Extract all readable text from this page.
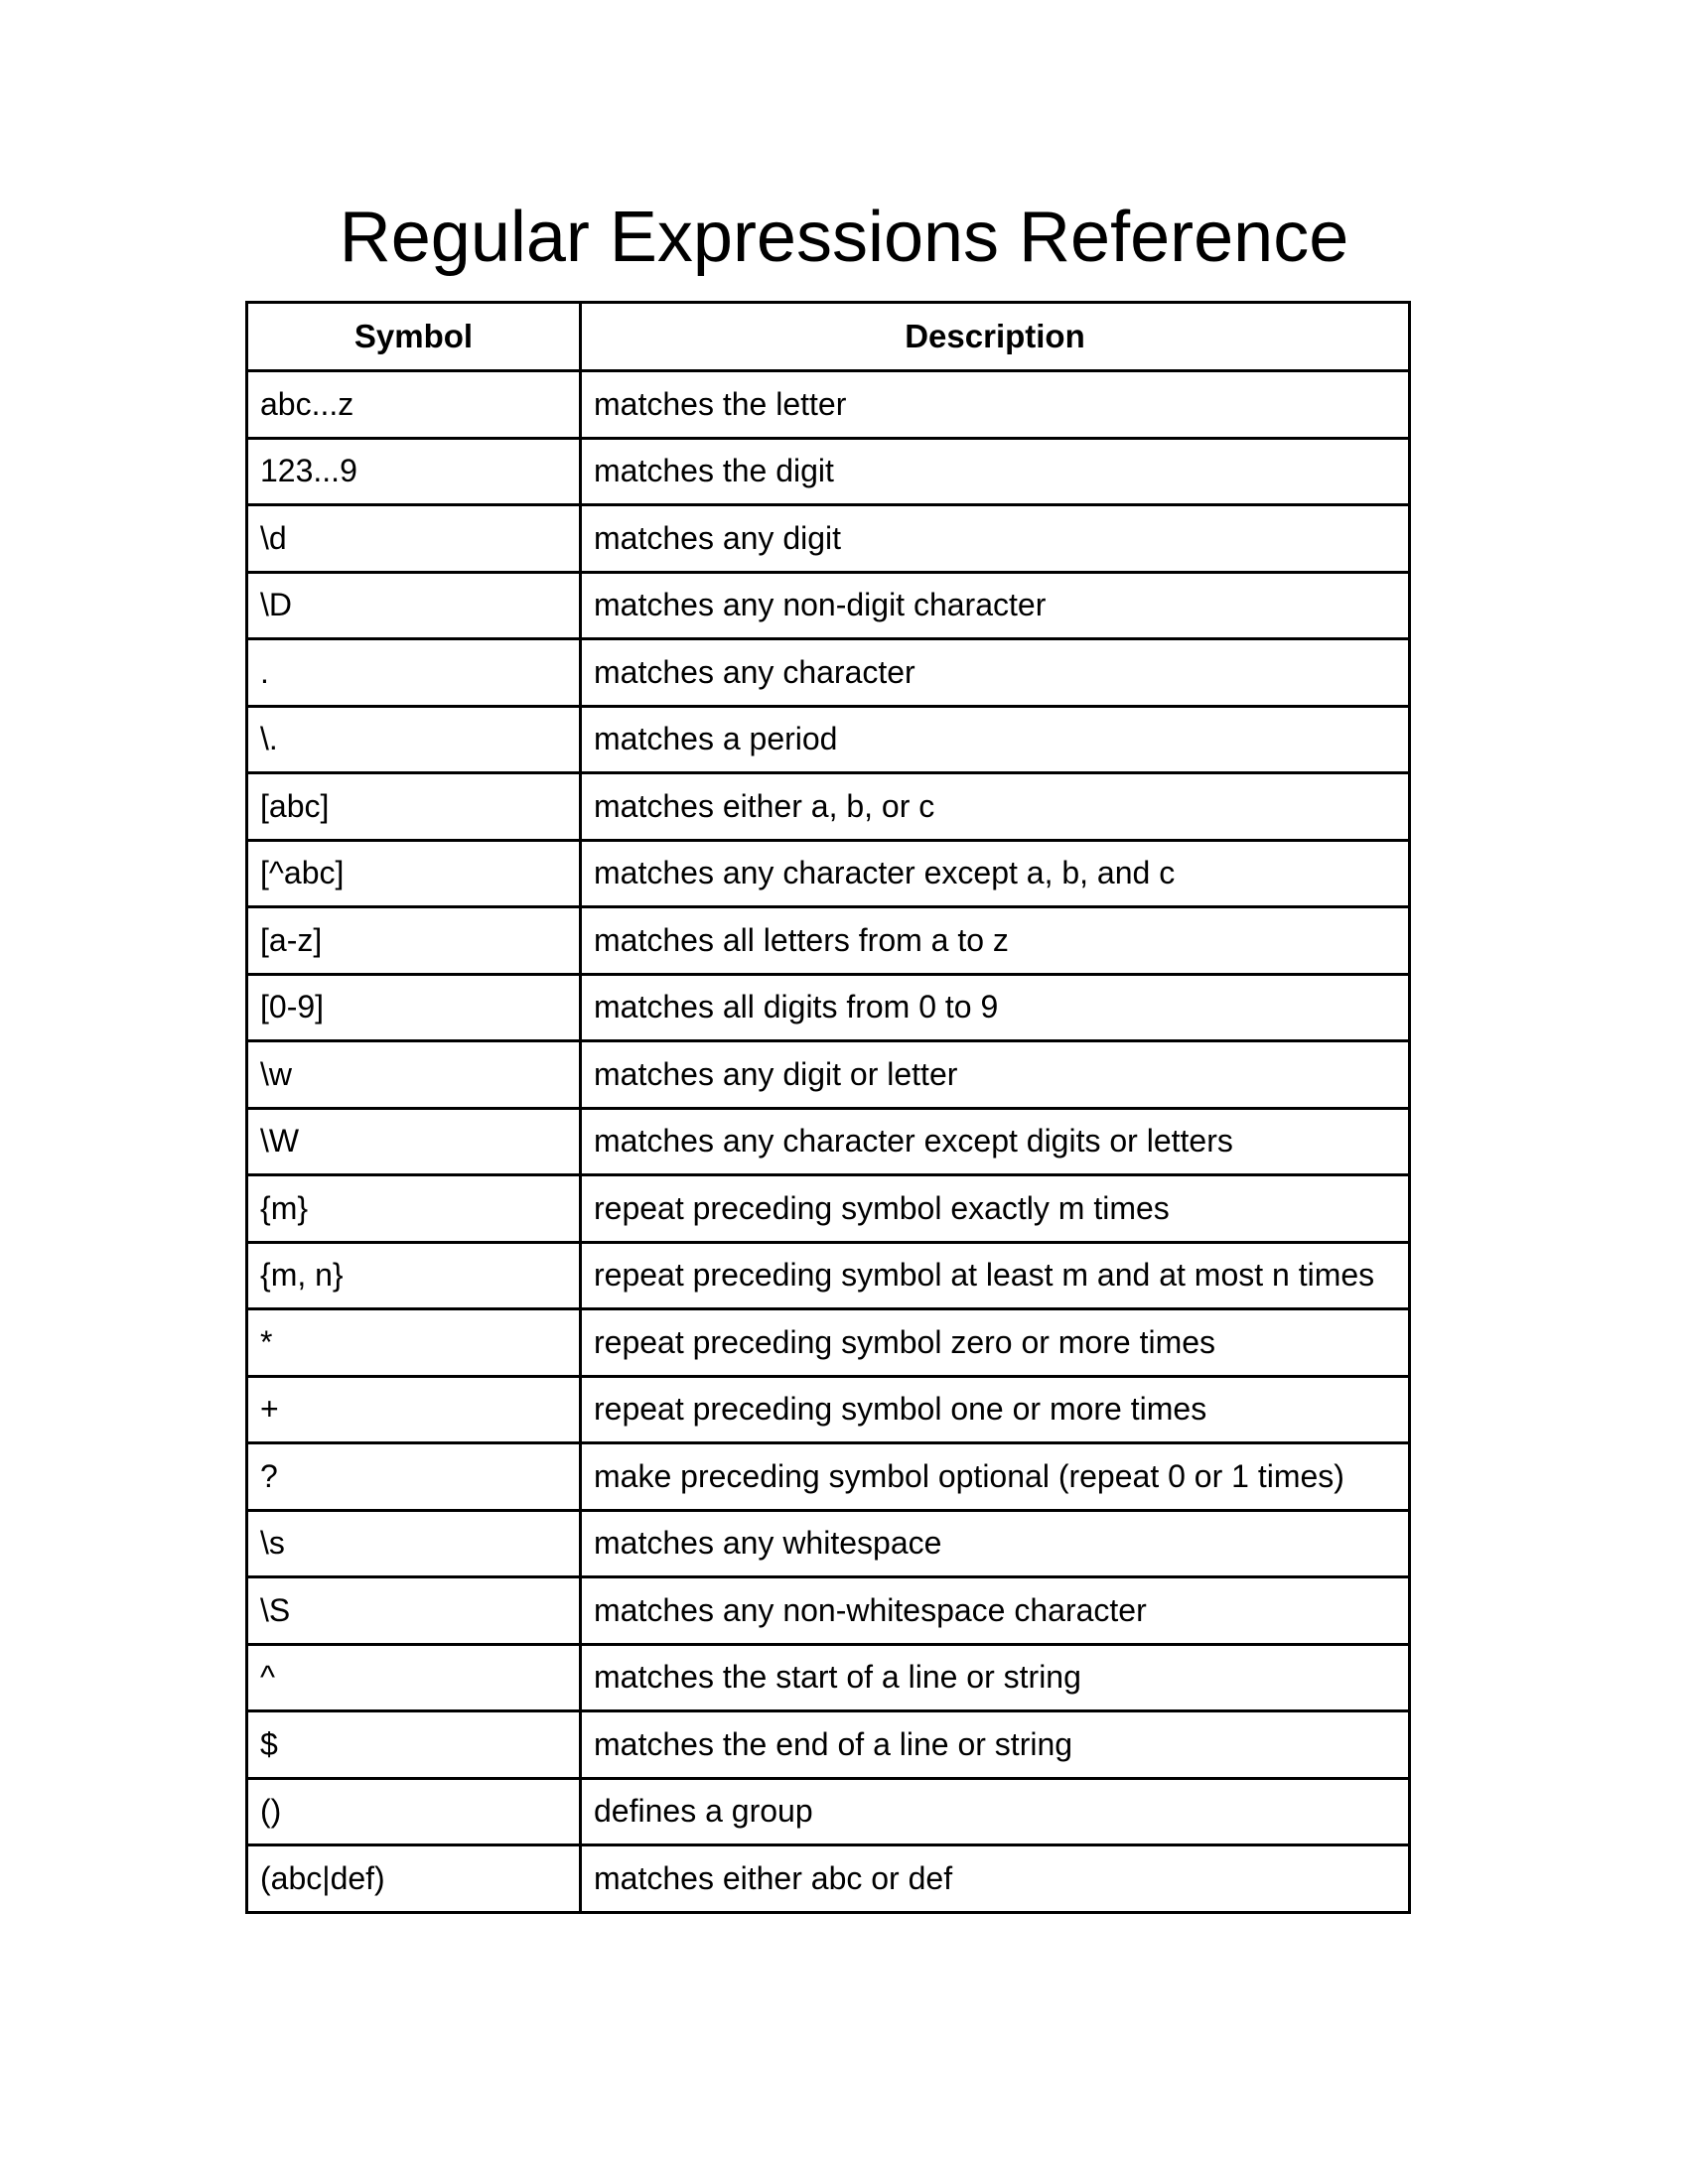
Regular Expressions Reference
Symbol	Description
abc...z	matches the letter
123...9	matches the digit
\d	matches any digit
\D	matches any non-digit character
.	matches any character
\.	matches a period
[abc]	matches either a, b, or c
[^abc]	matches any character except a, b, and c
[a-z]	matches all letters from a to z
[0-9]	matches all digits from 0 to 9
\w	matches any digit or letter
\W	matches any character except digits or letters
{m}	repeat preceding symbol exactly m times
{m, n}	repeat preceding symbol at least m and at most n times
*	repeat preceding symbol zero or more times
+	repeat preceding symbol one or more times
?	make preceding symbol optional (repeat 0 or 1 times)
\s	matches any whitespace
\S	matches any non-whitespace character
^	matches the start of a line or string
$	matches the end of a line or string
()	defines a group
(abc|def)	matches either abc or def
